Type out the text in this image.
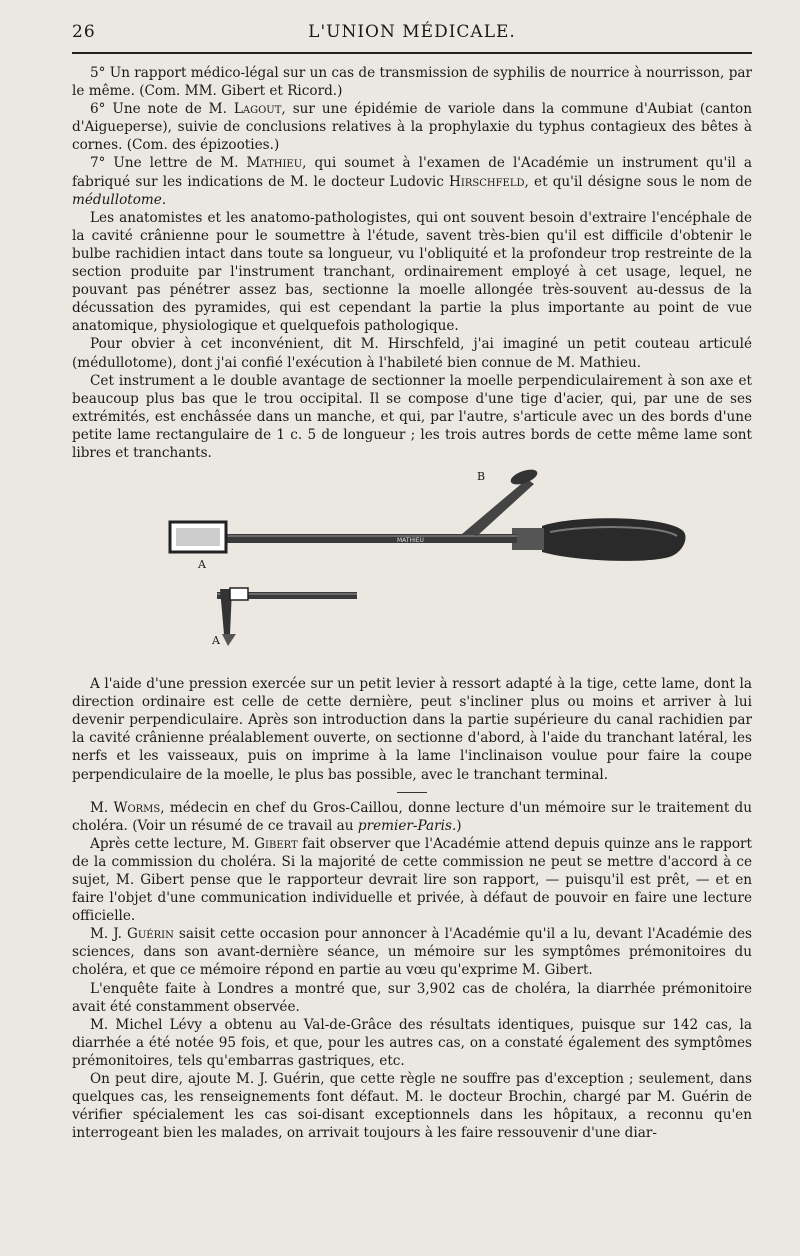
26	L'UNION MÉDICALE.

5° Un rapport médico-légal sur un cas de transmission de syphilis de nourrice à nourrisson, par le même. (Com. MM. Gibert et Ricord.)

6° Une note de M. Lagout, sur une épidémie de variole dans la commune d'Aubiat (canton d'Aigueperse), suivie de conclusions relatives à la prophylaxie du typhus contagieux des bêtes à cornes. (Com. des épizooties.)

7° Une lettre de M. Mathieu, qui soumet à l'examen de l'Académie un instrument qu'il a fabriqué sur les indications de M. le docteur Ludovic Hirschfeld, et qu'il désigne sous le nom de médullotome.

Les anatomistes et les anatomo-pathologistes, qui ont souvent besoin d'extraire l'encéphale de la cavité crânienne pour le soumettre à l'étude, savent très-bien qu'il est difficile d'obtenir le bulbe rachidien intact dans toute sa longueur, vu l'obliquité et la profondeur trop restreinte de la section produite par l'instrument tranchant, ordinairement employé à cet usage, lequel, ne pouvant pas pénétrer assez bas, sectionne la moelle allongée très-souvent au-dessus de la décussation des pyramides, qui est cependant la partie la plus importante au point de vue anatomique, physiologique et quelquefois pathologique.

Pour obvier à cet inconvénient, dit M. Hirschfeld, j'ai imaginé un petit couteau articulé (médullotome), dont j'ai confié l'exécution à l'habileté bien connue de M. Mathieu.

Cet instrument a le double avantage de sectionner la moelle perpendiculairement à son axe et beaucoup plus bas que le trou occipital. Il se compose d'une tige d'acier, qui, par une de ses extrémités, est enchâssée dans un manche, et qui, par l'autre, s'articule avec un des bords d'une petite lame rectangulaire de 1 c. 5 de longueur ; les trois autres bords de cette même lame sont libres et tranchants.

MATHIEU
B
A
A

A l'aide d'une pression exercée sur un petit levier à ressort adapté à la tige, cette lame, dont la direction ordinaire est celle de cette dernière, peut s'incliner plus ou moins et arriver à lui devenir perpendiculaire. Après son introduction dans la partie supérieure du canal rachidien par la cavité crânienne préalablement ouverte, on sectionne d'abord, à l'aide du tranchant latéral, les nerfs et les vaisseaux, puis on imprime à la lame l'inclinaison voulue pour faire la coupe perpendiculaire de la moelle, le plus bas possible, avec le tranchant terminal.

M. Worms, médecin en chef du Gros-Caillou, donne lecture d'un mémoire sur le traitement du choléra. (Voir un résumé de ce travail au premier-Paris.)

Après cette lecture, M. Gibert fait observer que l'Académie attend depuis quinze ans le rapport de la commission du choléra. Si la majorité de cette commission ne peut se mettre d'accord à ce sujet, M. Gibert pense que le rapporteur devrait lire son rapport, — puisqu'il est prêt, — et en faire l'objet d'une communication individuelle et privée, à défaut de pouvoir en faire une lecture officielle.

M. J. Guérin saisit cette occasion pour annoncer à l'Académie qu'il a lu, devant l'Académie des sciences, dans son avant-dernière séance, un mémoire sur les symptômes prémonitoires du choléra, et que ce mémoire répond en partie au vœu qu'exprime M. Gibert.

L'enquête faite à Londres a montré que, sur 3,902 cas de choléra, la diarrhée prémonitoire avait été constamment observée.

M. Michel Lévy a obtenu au Val-de-Grâce des résultats identiques, puisque sur 142 cas, la diarrhée a été notée 95 fois, et que, pour les autres cas, on a constaté également des symptômes prémonitoires, tels qu'embarras gastriques, etc.

On peut dire, ajoute M. J. Guérin, que cette règle ne souffre pas d'exception ; seulement, dans quelques cas, les renseignements font défaut. M. le docteur Brochin, chargé par M. Guérin de vérifier spécialement les cas soi-disant exceptionnels dans les hôpitaux, a reconnu qu'en interrogeant bien les malades, on arrivait toujours à les faire ressouvenir d'une diar-
